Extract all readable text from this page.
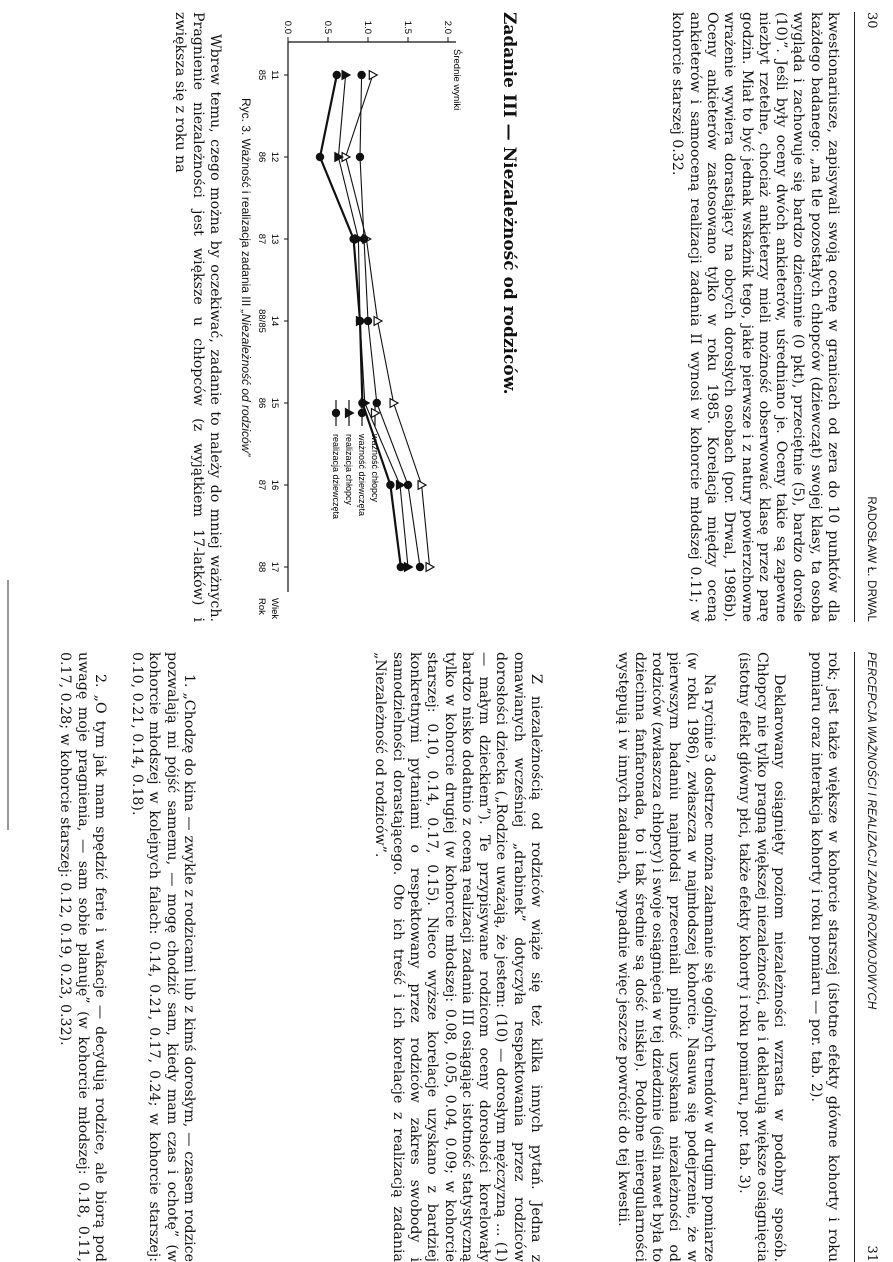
30
RADOSŁAW Ł. DRWAL

kwestionariusze, zapisywali swoją ocenę w granicach od zera do 10 punktów dla każdego badanego: „na tle pozostałych chłopców (dziewcząt) swojej klasy, ta osoba wygląda i zachowuje się bardzo dziecinnie (0 pkt), przeciętnie (5), bardzo dorośle (10)”. Jeśli były oceny dwóch ankieterów, uśredniano je. Oceny takie są zapewne niezbyt rzetelne, chociaż ankieterzy mieli możność obserwować klasę przez parę godzin. Miał to być jednak wskaźnik tego, jakie pierwsze i z natury powierzchowne wrażenie wywiera dorastający na obcych dorosłych osobach (por. Drwal, 1986b). Oceny ankieterów zastosowano tylko w roku 1985. Korelacja między oceną ankieterów i samooceną realizacji zadania II wynosi w kohorcie młodszej 0.11; w kohorcie starszej 0.32.

Zadanie III — Niezależność od rodziców.

0.0	0.5	1.0	1.5	2.0
Średnie wyniki
11
85
12
86
13
87
14
88/85
15
86
16
87
17
88
Wiek
Rok
ważność chłopcy
ważność dziewczęta
realizacja chłopcy
realizacja dziewczęta

Ryc. 3. Ważność i realizacja zadania III „Niezależność od rodziców”

Wbrew temu, czego można by oczekiwać, zadanie to należy do mniej ważnych. Pragnienie niezależności jest większe u chłopców (z wyjątkiem 17-latków) i zwiększa się z roku na

PERCEPCJA WAŻNOŚCI I REALIZACJI ZADAŃ ROZWOJOWYCH
31

rok; jest także większe w kohorcie starszej (istotne efekty główne kohorty i roku pomiaru oraz interakcja kohorty i roku pomiaru — por. tab. 2).

Deklarowany osiągnięty poziom niezależności wzrasta w podobny sposób. Chłopcy nie tylko pragną większej niezależności, ale i deklarują większe osiągnięcia (istotny efekt główny płci, także efekty kohorty i roku pomiaru, por. tab. 3).

Na rycinie 3 dostrzec można załamanie się ogólnych trendów w drugim pomiarze (w roku 1986), zwłaszcza w najmłodszej kohorcie. Nasuwa się podejrzenie, że w pierwszym badaniu najmłodsi przeceniali pilność uzyskania niezależności od rodziców (zwłaszcza chłopcy) i swoje osiągnięcia w tej dziedzinie (jeśli nawet była to dziecinna fanfaronada, to i tak średnie są dość niskie). Podobne nieregularności występują i w innych zadaniach, wypadnie więc jeszcze powrócić do tej kwestii.

Z niezależnością od rodziców wiąże się też kilka innych pytań. Jedna z omawianych wcześniej „drabinek” dotyczyła respektowania przez rodziców dorosłości dziecka („Rodzice uważają, że jestem: (10) — dorosłym mężczyzną ... (1) — małym dzieckiem”). Te przypisywane rodzicom oceny dorosłości korelowały bardzo nisko dodatnio z oceną realizacji zadania III osiągając istotność statystyczną tylko w kohorcie drugiej (w kohorcie młodszej: 0.08, 0.05, 0.04, 0.09; w kohorcie starszej: 0.10, 0.14, 0.17, 0.15). Nieco wyższe korelacje uzyskano z bardziej konkretnymi pytaniami o respektowany przez rodziców zakres swobody i samodzielności dorastającego. Oto ich treść i ich korelacje z realizacją zadania „Niezależność od rodziców”.

1. „Chodzę do kina — zwykle z rodzicami lub z kimś dorosłym, — czasem rodzice pozwalają mi pójść samemu, — mogę chodzić sam, kiedy mam czas i ochotę” (w kohorcie młodszej w kolejnych falach: 0.14, 0.21, 0.17, 0.24; w kohorcie starszej: 0.10, 0.21, 0.14, 0.18).

2. „O tym jak mam spędzić ferie i wakacje — decydują rodzice, ale biorą pod uwagę moje pragnienia, — sam sobie planuję” (w kohorcie młodszej: 0.18, 0.11, 0.17, 0.28; w kohorcie starszej: 0.12, 0.19, 0.23, 0.32).
